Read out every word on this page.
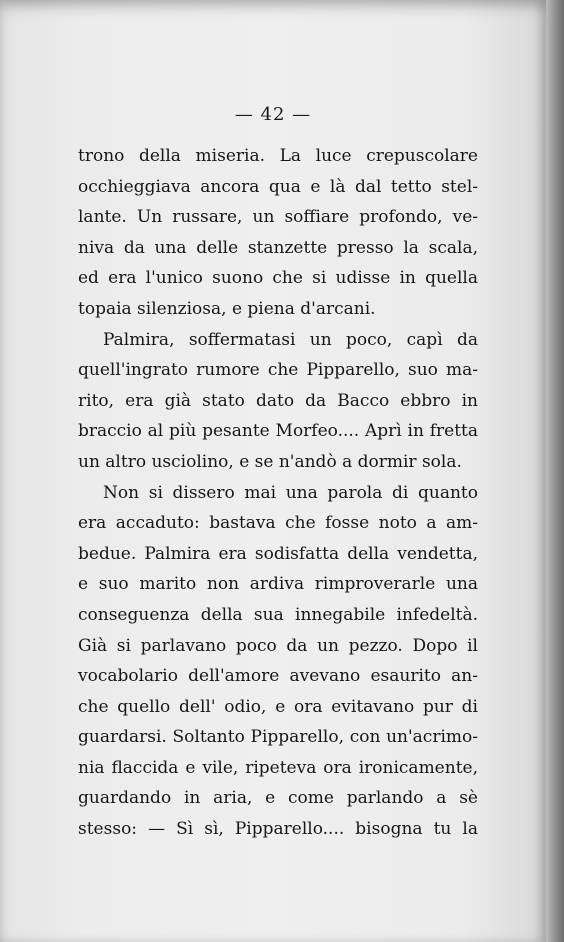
— 42 —
trono della miseria. La luce crepuscolare
occhieggiava ancora qua e là dal tetto stel-
lante. Un russare, un soffiare profondo, ve-
niva da una delle stanzette presso la scala,
ed era l'unico suono che si udisse in quella
topaia silenziosa, e piena d'arcani.
Palmira, soffermatasi un poco, capì da
quell'ingrato rumore che Pipparello, suo ma-
rito, era già stato dato da Bacco ebbro in
braccio al più pesante Morfeo.... Aprì in fretta
un altro usciolino, e se n'andò a dormir sola.
Non si dissero mai una parola di quanto
era accaduto: bastava che fosse noto a am-
bedue. Palmira era sodisfatta della vendetta,
e suo marito non ardiva rimproverarle una
conseguenza della sua innegabile infedeltà.
Già si parlavano poco da un pezzo. Dopo il
vocabolario dell'amore avevano esaurito an-
che quello dell' odio, e ora evitavano pur di
guardarsi. Soltanto Pipparello, con un'acrimo-
nia flaccida e vile, ripeteva ora ironicamente,
guardando in aria, e come parlando a sè
stesso: — Sì sì, Pipparello.... bisogna tu la
